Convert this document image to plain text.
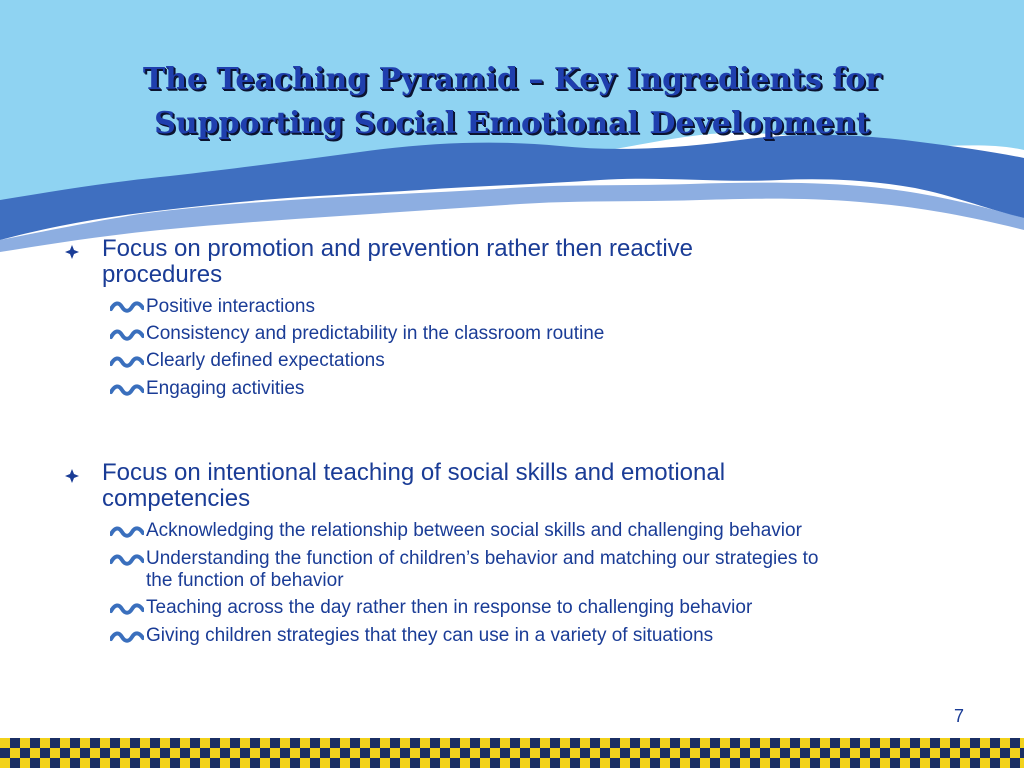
The Teaching Pyramid – Key Ingredients for
Supporting Social Emotional Development
Focus on promotion and prevention rather then reactive
procedures
Positive interactions
Consistency and predictability in the classroom routine
Clearly defined expectations
Engaging activities
Focus on intentional teaching of social skills and emotional
competencies
Acknowledging the relationship between social skills and challenging behavior
Understanding the function of children’s behavior and matching our strategies to
the function of behavior
Teaching across the day rather then in response to challenging behavior
Giving children strategies that they can use in a variety of situations
7
